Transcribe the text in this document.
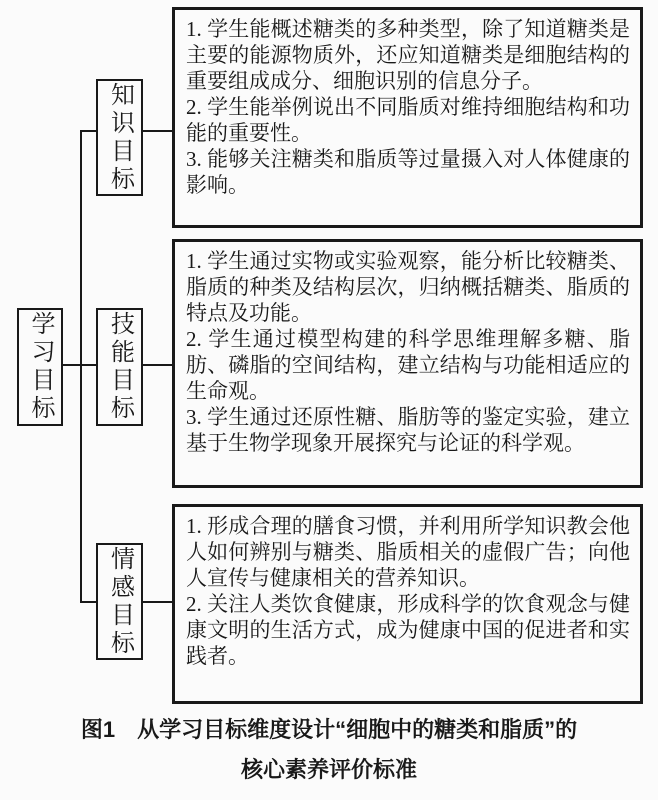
学习目标
知识目标
技能目标
情感目标

1. 学生能概述糖类的多种类型，除了知道糖类是主要的能源物质外，还应知道糖类是细胞结构的重要组成成分、细胞识别的信息分子。

2. 学生能举例说出不同脂质对维持细胞结构和功能的重要性。

3. 能够关注糖类和脂质等过量摄入对人体健康的影响。

1. 学生通过实物或实验观察，能分析比较糖类、脂质的种类及结构层次，归纳概括糖类、脂质的特点及功能。

2. 学生通过模型构建的科学思维理解多糖、脂肪、磷脂的空间结构，建立结构与功能相适应的生命观。

3. 学生通过还原性糖、脂肪等的鉴定实验，建立基于生物学现象开展探究与论证的科学观。

1. 形成合理的膳食习惯，并利用所学知识教会他人如何辨别与糖类、脂质相关的虚假广告；向他人宣传与健康相关的营养知识。

2. 关注人类饮食健康，形成科学的饮食观念与健康文明的生活方式，成为健康中国的促进者和实践者。

图1　从学习目标维度设计“细胞中的糖类和脂质”的
核心素养评价标准
